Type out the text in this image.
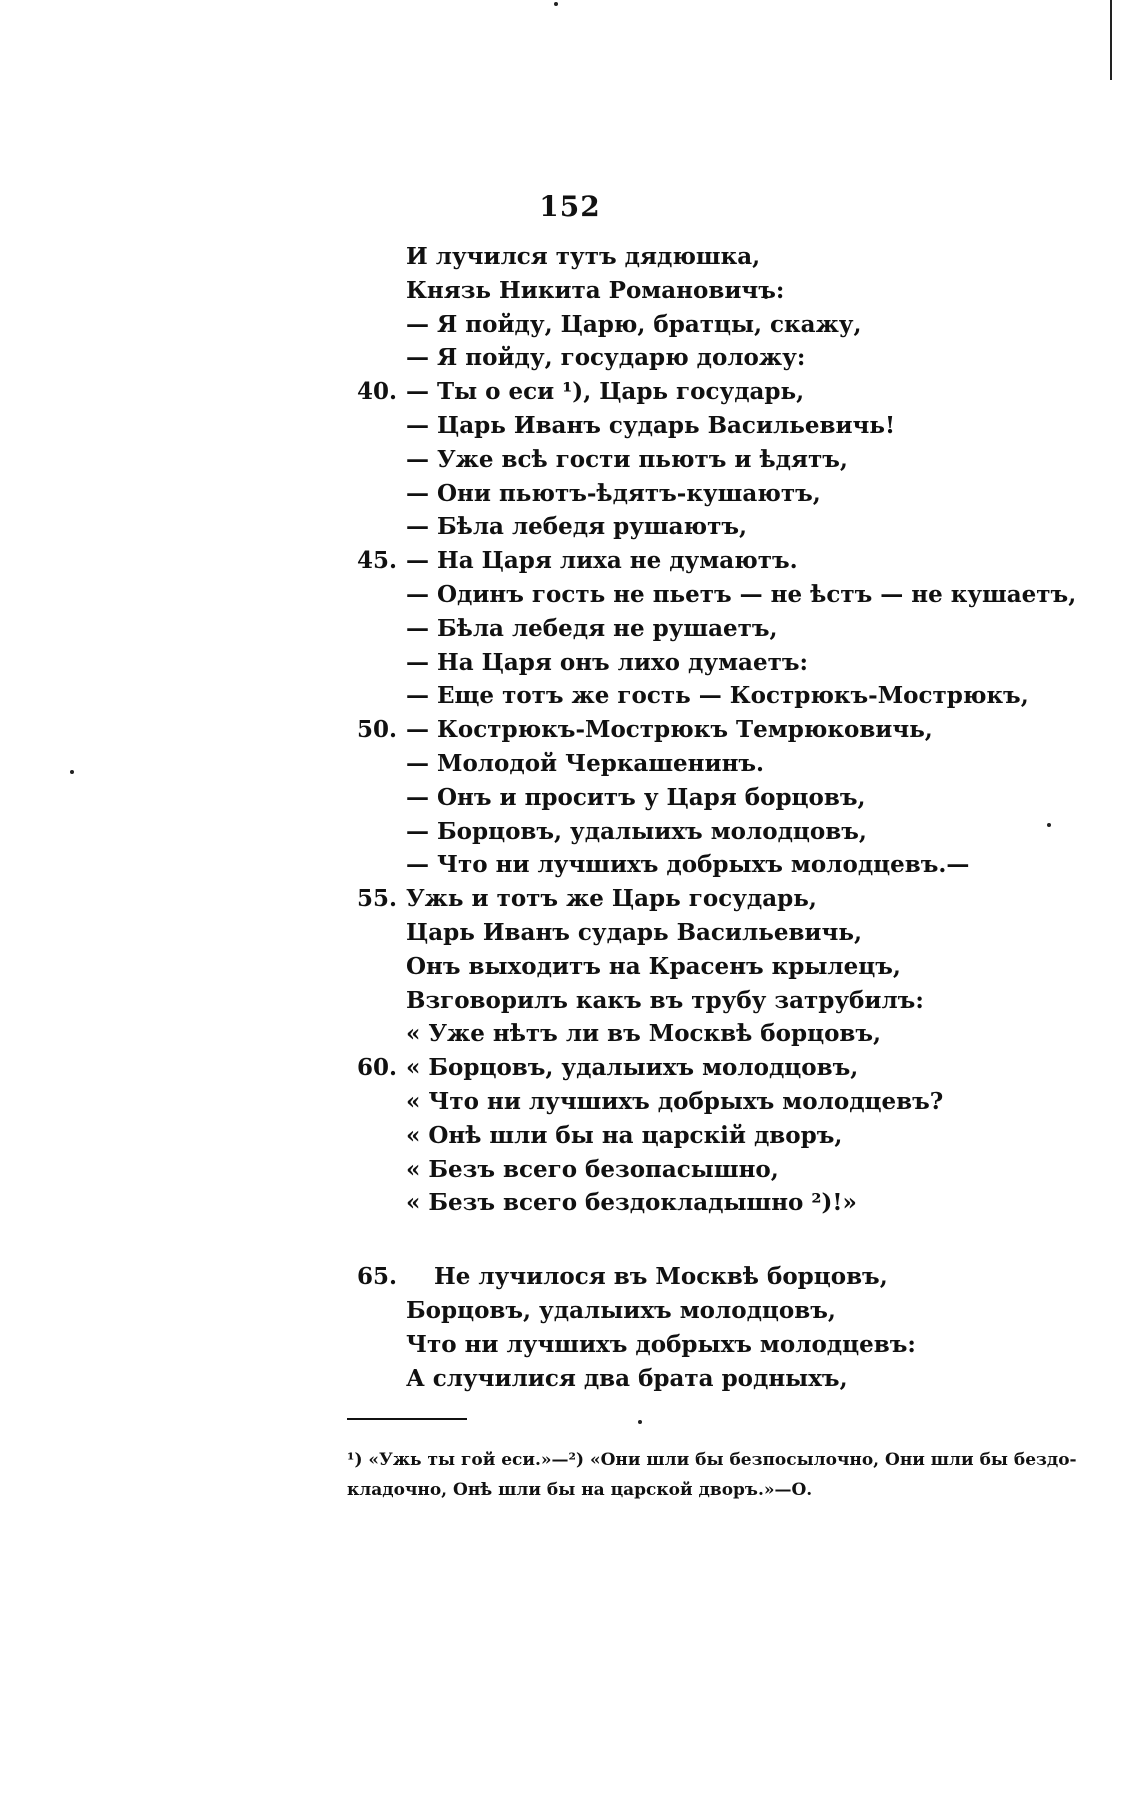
152
И лучился тутъ дядюшка,
Князь Никита Романовичъ:
— Я пойду, Царю, братцы, скажу,
— Я пойду, государю доложу:
40. — Ты о еси ¹), Царь государь,
— Царь Иванъ сударь Васильевичь!
— Уже всѣ гости пьютъ и ѣдятъ,
— Они пьютъ-ѣдятъ-кушаютъ,
— Бѣла лебедя рушаютъ,
45. — На Царя лиха не думаютъ.
— Одинъ гость не пьетъ — не ѣстъ — не кушаетъ,
— Бѣла лебедя не рушаетъ,
— На Царя онъ лихо думаетъ:
— Еще тотъ же гость — Кострюкъ-Мострюкъ,
50. — Кострюкъ-Мострюкъ Темрюковичь,
— Молодой Черкашенинъ.
— Онъ и проситъ у Царя борцовъ,
— Борцовъ, удалыихъ молодцовъ,
— Что ни лучшихъ добрыхъ молодцевъ.—
55. Ужь и тотъ же Царь государь,
Царь Иванъ сударь Васильевичь,
Онъ выходитъ на Красенъ крылецъ,
Взговорилъ какъ въ трубу затрубилъ:
« Уже нѣтъ ли въ Москвѣ борцовъ,
60. « Борцовъ, удалыихъ молодцовъ,
« Что ни лучшихъ добрыхъ молодцевъ?
« Онѣ шли бы на царскій дворъ,
« Безъ всего безопасышно,
« Безъ всего бездокладышно ²)!»
65.	Не лучилося въ Москвѣ борцовъ,
Борцовъ, удалыихъ молодцовъ,
Что ни лучшихъ добрыхъ молодцевъ:
А случилися два брата родныхъ,

¹) «Ужь ты гой еси.»—²) «Они шли бы безпосылочно, Они шли бы бездо-

кладочно, Онѣ шли бы на царской дворъ.»—О.
